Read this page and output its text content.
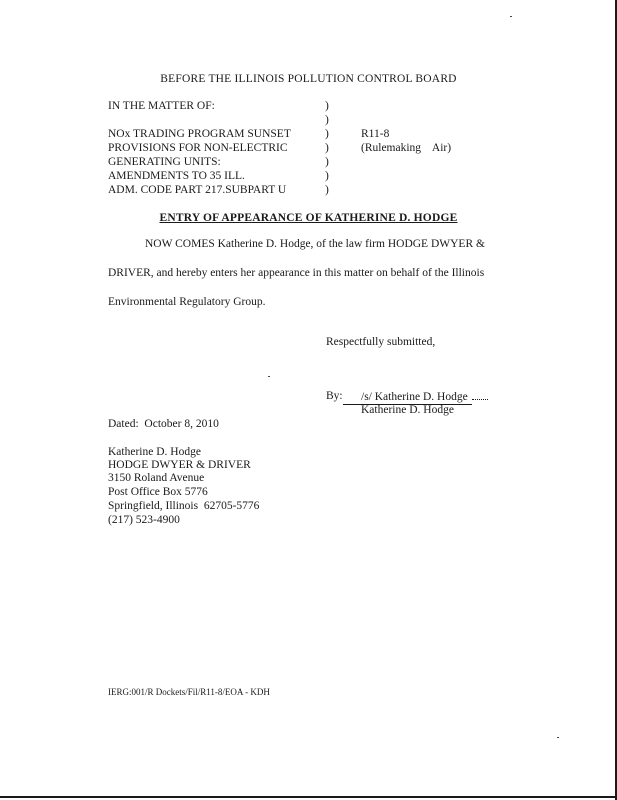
BEFORE THE ILLINOIS POLLUTION CONTROL BOARD
IN THE MATTER OF:
NOx TRADING PROGRAM SUNSET
PROVISIONS FOR NON-ELECTRIC
GENERATING UNITS:
AMENDMENTS TO 35 ILL.
ADM. CODE PART 217.SUBPART U
)
)
)
)
)
)
)
R11-8
(Rulemaking    Air)
ENTRY OF APPEARANCE OF KATHERINE D. HODGE
NOW COMES Katherine D. Hodge, of the law firm HODGE DWYER &
DRIVER, and hereby enters her appearance in this matter on behalf of the Illinois
Environmental Regulatory Group.
Respectfully submitted,
By:	/s/ Katherine D. Hodge
Katherine D. Hodge
Dated:  October 8, 2010
Katherine D. Hodge
HODGE DWYER & DRIVER
3150 Roland Avenue
Post Office Box 5776
Springfield, Illinois  62705-5776
(217) 523-4900
IERG:001/R Dockets/Fil/R11-8/EOA - KDH
